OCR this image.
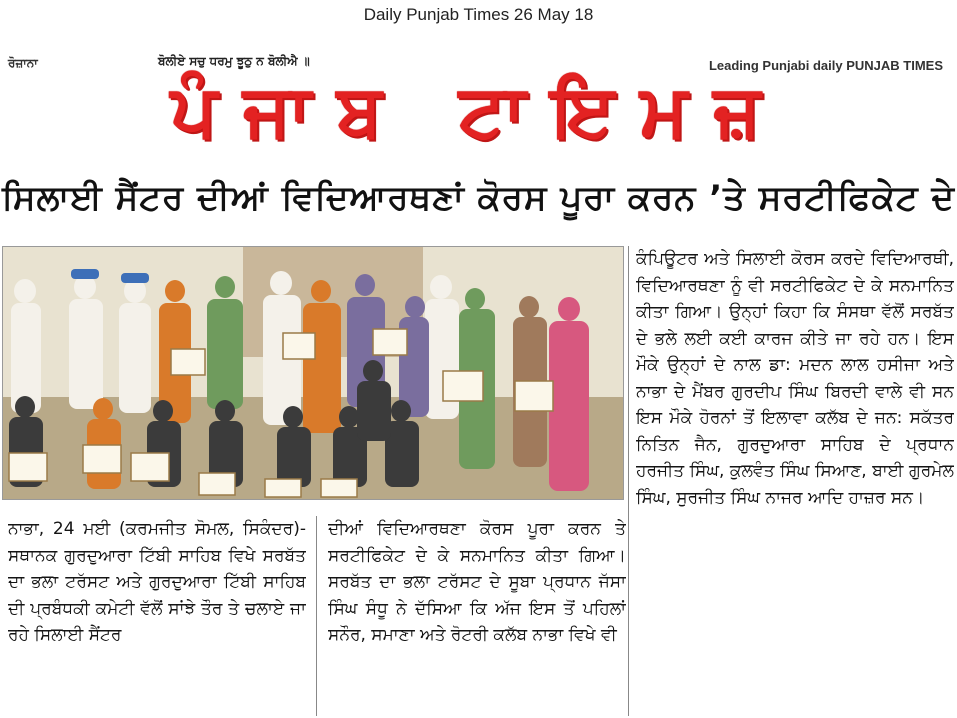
Daily Punjab Times 26 May 18
ਰੋਜ਼ਾਨਾ	ਬੋਲੀਏ ਸਚੁ ਧਰਮੁ ਝੂਠੁ ਨ ਬੋਲੀਐ ॥	Leading Punjabi daily PUNJAB TIMES
ਪੰਜਾਬ ਟਾਇਮਜ਼
ਸਿਲਾਈ ਸੈਂਟਰ ਦੀਆਂ ਵਿਦਿਆਰਥਣਾਂ ਕੋਰਸ ਪੂਰਾ ਕਰਨ ’ਤੇ ਸਰਟੀਫਿਕੇਟ ਦੇ

ਨਾਭਾ, 24 ਮਈ (ਕਰਮਜੀਤ ਸੋਮਲ, ਸਿਕੰਦਰ)-ਸਥਾਨਕ ਗੁਰਦੁਆਰਾ ਟਿੱਬੀ ਸਾਹਿਬ ਵਿਖੇ ਸਰਬੱਤ ਦਾ ਭਲਾ ਟਰੱਸਟ ਅਤੇ ਗੁਰਦੁਆਰਾ ਟਿੱਬੀ ਸਾਹਿਬ ਦੀ ਪ੍ਰਬੰਧਕੀ ਕਮੇਟੀ ਵੱਲੋਂ ਸਾਂਝੇ ਤੌਰ ਤੇ ਚਲਾਏ ਜਾ ਰਹੇ ਸਿਲਾਈ ਸੈਂਟਰ

ਦੀਆਂ ਵਿਦਿਆਰਥਣਾ ਕੋਰਸ ਪੂਰਾ ਕਰਨ ਤੇ ਸਰਟੀਫਿਕੇਟ ਦੇ ਕੇ ਸਨਮਾਨਿਤ ਕੀਤਾ ਗਿਆ। ਸਰਬੱਤ ਦਾ ਭਲਾ ਟਰੱਸਟ ਦੇ ਸੂਬਾ ਪ੍ਰਧਾਨ ਜੱਸਾ ਸਿੰਘ ਸੰਧੂ ਨੇ ਦੱਸਿਆ ਕਿ ਅੱਜ ਇਸ ਤੋਂ ਪਹਿਲਾਂ ਸਨੌਰ, ਸਮਾਣਾ ਅਤੇ ਰੋਟਰੀ ਕਲੱਬ ਨਾਭਾ ਵਿਖੇ ਵੀ

ਕੰਪਿਊਟਰ ਅਤੇ ਸਿਲਾਈ ਕੋਰਸ ਕਰਦੇ ਵਿਦਿਆਰਥੀ, ਵਿਦਿਆਰਥਣਾ ਨੂੰ ਵੀ ਸਰਟੀਫਿਕੇਟ ਦੇ ਕੇ ਸਨਮਾਨਿਤ ਕੀਤਾ ਗਿਆ। ਉਨ੍ਹਾਂ ਕਿਹਾ ਕਿ ਸੰਸਥਾ ਵੱਲੋਂ ਸਰਬੱਤ ਦੇ ਭਲੇ ਲਈ ਕਈ ਕਾਰਜ ਕੀਤੇ ਜਾ ਰਹੇ ਹਨ। ਇਸ ਮੌਕੇ ਉਨ੍ਹਾਂ ਦੇ ਨਾਲ ਡਾ: ਮਦਨ ਲਾਲ ਹਸੀਜਾ ਅਤੇ ਨਾਭਾ ਦੇ ਮੈਂਬਰ ਗੁਰਦੀਪ ਸਿੰਘ ਬਿਰਦੀ ਵਾਲੇ ਵੀ ਸਨ ਇਸ ਮੌਕੇ ਹੋਰਨਾਂ ਤੋਂ ਇਲਾਵਾ ਕਲੱਬ ਦੇ ਜਨ: ਸਕੱਤਰ ਨਿਤਿਨ ਜੈਨ, ਗੁਰਦੁਆਰਾ ਸਾਹਿਬ ਦੇ ਪ੍ਰਧਾਨ ਹਰਜੀਤ ਸਿੰਘ, ਕੁਲਵੰਤ ਸਿੰਘ ਸਿਆਣ, ਬਾਈ ਗੁਰਮੇਲ ਸਿੰਘ, ਸੁਰਜੀਤ ਸਿੰਘ ਨਾਜਰ ਆਦਿ ਹਾਜ਼ਰ ਸਨ।
